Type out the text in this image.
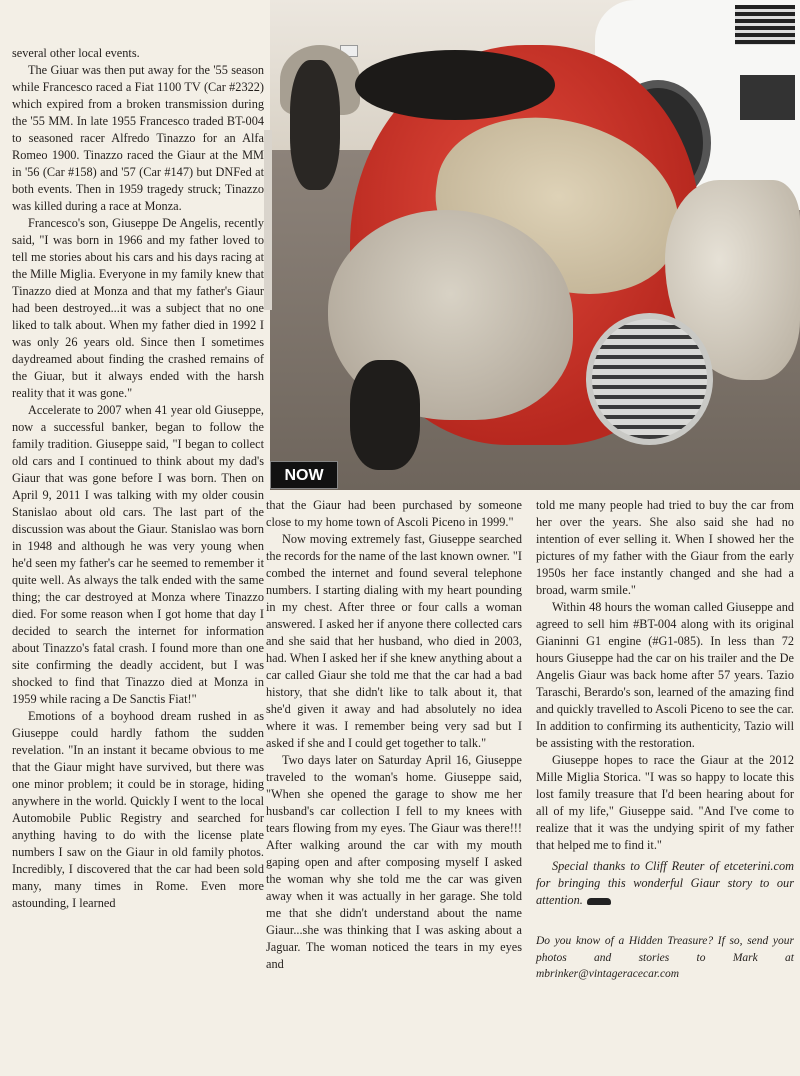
NOW

several other local events.

The Giuar was then put away for the '55 season while Francesco raced a Fiat 1100 TV (Car #2322) which expired from a broken transmission during the '55 MM. In late 1955 Francesco traded BT-004 to seasoned racer Alfredo Tinazzo for an Alfa Romeo 1900. Tinazzo raced the Giaur at the MM in '56 (Car #158) and '57 (Car #147) but DNFed at both events. Then in 1959 tragedy struck; Tinazzo was killed during a race at Monza.

Francesco's son, Giuseppe De Angelis, recently said, "I was born in 1966 and my father loved to tell me stories about his cars and his days racing at the Mille Miglia. Everyone in my family knew that Tinazzo died at Monza and that my father's Giaur had been destroyed...it was a subject that no one liked to talk about. When my father died in 1992 I was only 26 years old. Since then I sometimes daydreamed about finding the crashed remains of the Giuar, but it always ended with the harsh reality that it was gone."

Accelerate to 2007 when 41 year old Giuseppe, now a successful banker, began to follow the family tradition. Giuseppe said, "I began to collect old cars and I continued to think about my dad's Giaur that was gone before I was born. Then on April 9, 2011 I was talking with my older cousin Stanislao about old cars. The last part of the discussion was about the Giaur. Stanislao was born in 1948 and although he was very young when he'd seen my father's car he seemed to remember it quite well. As always the talk ended with the same thing; the car destroyed at Monza where Tinazzo died. For some reason when I got home that day I decided to search the internet for information about Tinazzo's fatal crash. I found more than one site confirming the deadly accident, but I was shocked to find that Tinazzo died at Monza in 1959 while racing a De Sanctis Fiat!"

Emotions of a boyhood dream rushed in as Giuseppe could hardly fathom the sudden revelation. "In an instant it became obvious to me that the Giaur might have survived, but there was one minor problem; it could be in storage, hiding anywhere in the world. Quickly I went to the local Automobile Public Registry and searched for anything having to do with the license plate numbers I saw on the Giaur in old family photos. Incredibly, I discovered that the car had been sold many, many times in Rome. Even more astounding, I learned

that the Giaur had been purchased by someone close to my home town of Ascoli Piceno in 1999."

Now moving extremely fast, Giuseppe searched the records for the name of the last known owner. "I combed the internet and found several telephone numbers. I starting dialing with my heart pounding in my chest. After three or four calls a woman answered. I asked her if anyone there collected cars and she said that her husband, who died in 2003, had. When I asked her if she knew anything about a car called Giaur she told me that the car had a bad history, that she didn't like to talk about it, that she'd given it away and had absolutely no idea where it was. I remember being very sad but I asked if she and I could get together to talk."

Two days later on Saturday April 16, Giuseppe traveled to the woman's home. Giuseppe said, "When she opened the garage to show me her husband's car collection I fell to my knees with tears flowing from my eyes. The Giaur was there!!! After walking around the car with my mouth gaping open and after composing myself I asked the woman why she told me the car was given away when it was actually in her garage. She told me that she didn't understand about the name Giaur...she was thinking that I was asking about a Jaguar. The woman noticed the tears in my eyes and

told me many people had tried to buy the car from her over the years. She also said she had no intention of ever selling it. When I showed her the pictures of my father with the Giaur from the early 1950s her face instantly changed and she had a broad, warm smile."

Within 48 hours the woman called Giuseppe and agreed to sell him #BT-004 along with its original Gianinni G1 engine (#G1-085). In less than 72 hours Giuseppe had the car on his trailer and the De Angelis Giaur was back home after 57 years. Tazio Taraschi, Berardo's son, learned of the amazing find and quickly travelled to Ascoli Piceno to see the car. In addition to confirming its authenticity, Tazio will be assisting with the restoration.

Giuseppe hopes to race the Giaur at the 2012 Mille Miglia Storica. "I was so happy to locate this lost family treasure that I'd been hearing about for all of my life," Giuseppe said. "And I've come to realize that it was the undying spirit of my father that helped me to find it."

Special thanks to Cliff Reuter of etceterini.com for bringing this wonderful Giaur story to our attention.

Do you know of a Hidden Treasure? If so, send your photos and stories to Mark at mbrinker@vintageracecar.com
